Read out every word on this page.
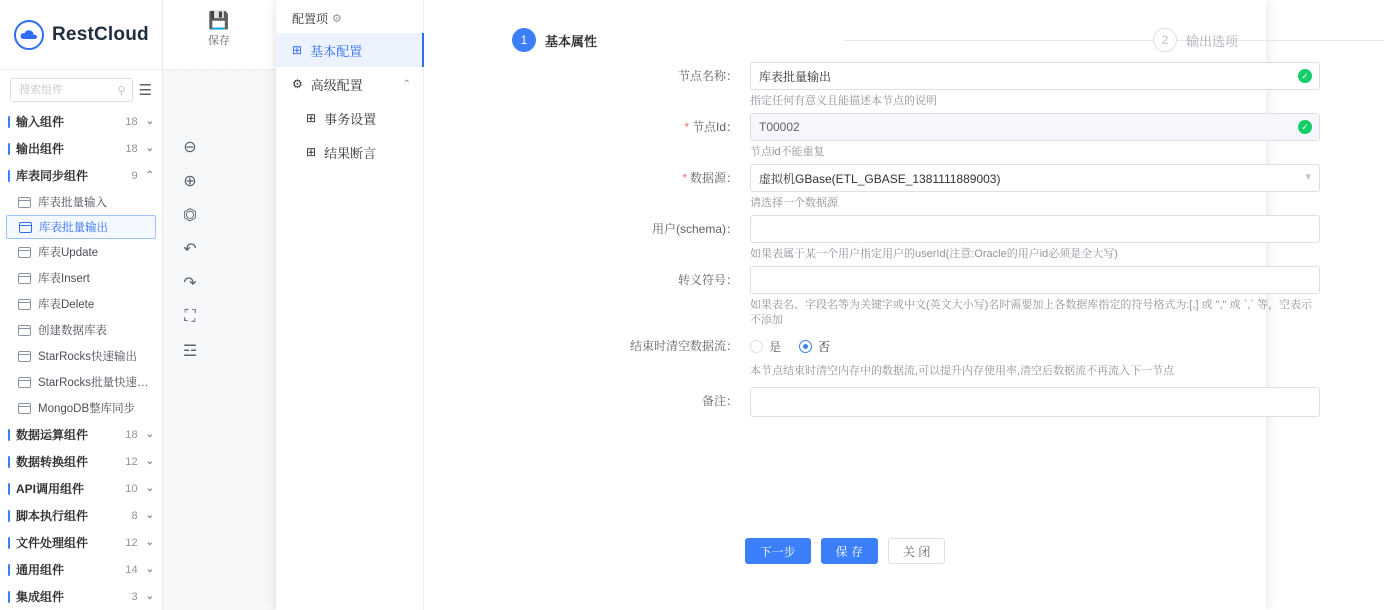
💾
保存
⊖
⊕
⏣
↶
↷
⛶
☲
RestCloud
搜索组件
⚲ ☰
输入组件	18 ⌄
输出组件	18 ⌄
库表同步组件	9 ⌃
库表批量输入
库表批量输出
库表Update
库表Insert
库表Delete
创建数据库表
StarRocks快速输出
StarRocks批量快速…
MongoDB整库同步
数据运算组件	18 ⌄
数据转换组件	12 ⌄
API调用组件	10 ⌄
脚本执行组件	8 ⌄
文件处理组件	12 ⌄
通用组件	14 ⌄
集成组件	3 ⌄
配置项 ⚙
⊞ 基本配置
⚙ 高级配置	⌃
⊞ 事务设置
⊞ 结果断言
1	基本属性	2	输出选项
节点名称：
库表批量输出	✓
指定任何有意义且能描述本节点的说明
* 节点Id：
T00002	✓
节点id不能重复
* 数据源：
虚拟机GBase(ETL_GBASE_1381111889003)	▾
请选择一个数据源
用户(schema)：
如果表属于某一个用户指定用户的userId(注意:Oracle的用户id必须是全大写)
转义符号：
如果表名、字段名等为关键字或中文(英文大小写)名时需要加上各数据库指定的符号格式为:[,] 或 "," 或 `,` 等，空表示不添加
结束时清空数据流：	是	否
本节点结束时清空内存中的数据流,可以提升内存使用率,清空后数据流不再流入下一节点
备注：
下一步	保 存	关 闭
